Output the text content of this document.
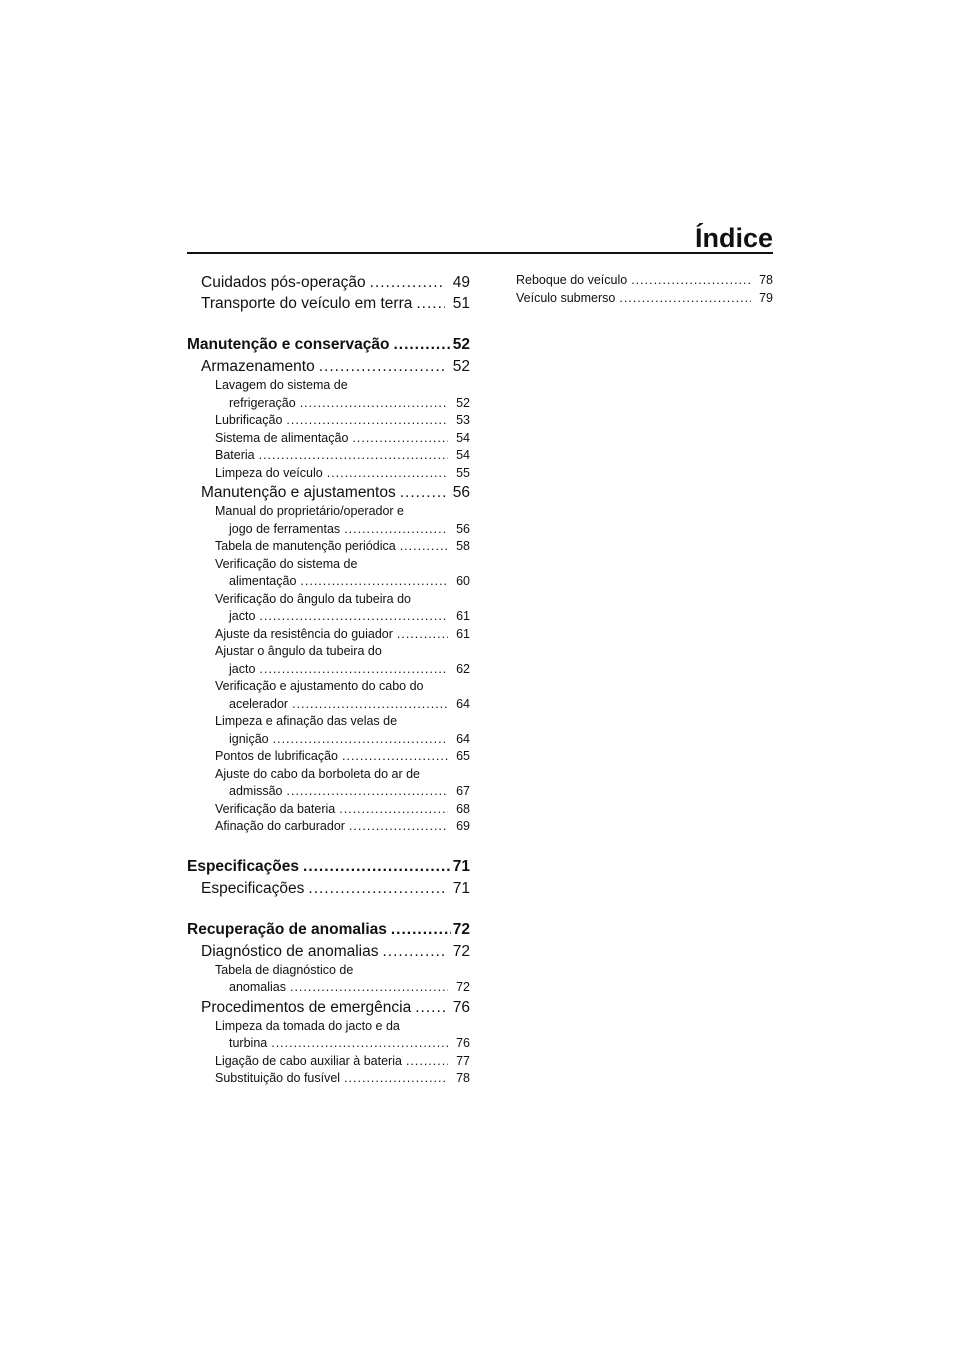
Índice
Cuidados pós-operação .....	49
Transporte do veículo em terra .....	51
Manutenção e conservação .....	52
Armazenamento .....	52
Lavagem do sistema de
refrigeração .....	52
Lubrificação .....	53
Sistema de alimentação .....	54
Bateria .....	54
Limpeza do veículo .....	55
Manutenção e ajustamentos .....	56
Manual do proprietário/operador e
jogo de ferramentas .....	56
Tabela de manutenção periódica .....	58
Verificação do sistema de
alimentação .....	60
Verificação do ângulo da tubeira do
jacto .....	61
Ajuste da resistência do guiador .....	61
Ajustar o ângulo da tubeira do
jacto .....	62
Verificação e ajustamento do cabo do
acelerador .....	64
Limpeza e afinação das velas de
ignição .....	64
Pontos de lubrificação .....	65
Ajuste do cabo da borboleta do ar de
admissão .....	67
Verificação da bateria .....	68
Afinação do carburador .....	69
Especificações .....	71
Especificações .....	71
Recuperação de anomalias .....	72
Diagnóstico de anomalias .....	72
Tabela de diagnóstico de
anomalias .....	72
Procedimentos de emergência .....	76
Limpeza da tomada do jacto e da
turbina .....	76
Ligação de cabo auxiliar à bateria .....	77
Substituição do fusível .....	78
Reboque do veículo .....	78
Veículo submerso .....	79
